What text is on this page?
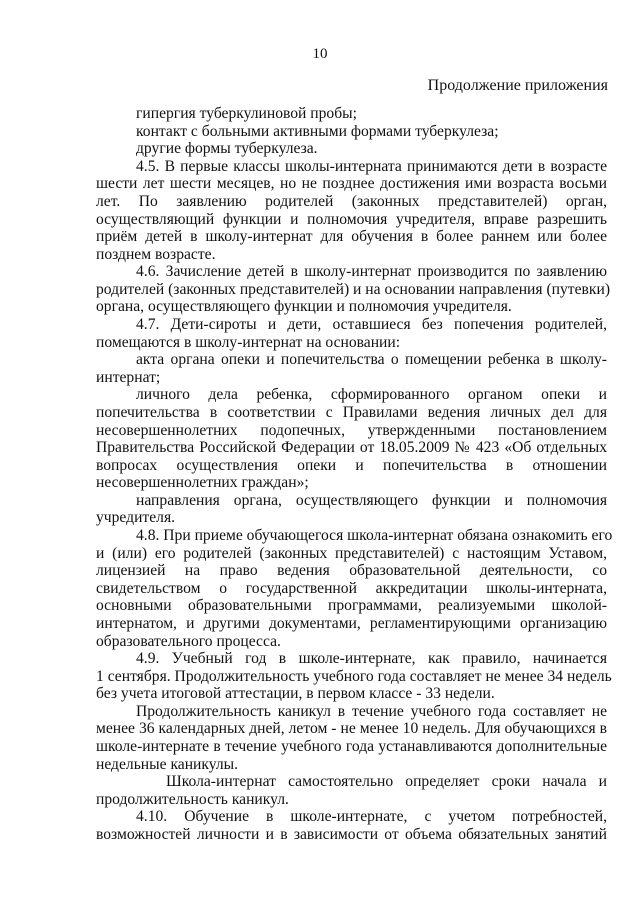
10
Продолжение приложения
гипергия туберкулиновой пробы;
контакт с больными активными формами туберкулеза;
другие формы туберкулеза.
4.5. В первые классы школы-интерната принимаются дети в возрасте
шести лет шести месяцев, но не позднее достижения ими возраста восьми
лет. По заявлению родителей (законных представителей) орган,
осуществляющий функции и полномочия учредителя, вправе разрешить
приём детей в школу-интернат для обучения в более раннем или более
позднем возрасте.
4.6. Зачисление детей в школу-интернат производится по заявлению
родителей (законных представителей) и на основании направления (путевки)
органа, осуществляющего функции и полномочия учредителя.
4.7. Дети-сироты и дети, оставшиеся без попечения родителей,
помещаются в школу-интернат на основании:
акта органа опеки и попечительства о помещении ребенка в школу-
интернат;
личного дела ребенка, сформированного органом опеки и
попечительства в соответствии с Правилами ведения личных дел для
несовершеннолетних подопечных, утвержденными постановлением
Правительства Российской Федерации от 18.05.2009 № 423 «Об отдельных
вопросах осуществления опеки и попечительства в отношении
несовершеннолетних граждан»;
направления органа, осуществляющего функции и полномочия
учредителя.
4.8. При приеме обучающегося школа-интернат обязана ознакомить его
и (или) его родителей (законных представителей) с настоящим Уставом,
лицензией на право ведения образовательной деятельности, со
свидетельством о государственной аккредитации школы-интерната,
основными образовательными программами, реализуемыми школой-
интернатом, и другими документами, регламентирующими организацию
образовательного процесса.
4.9. Учебный год в школе-интернате, как правило, начинается
1 сентября. Продолжительность учебного года составляет не менее 34 недель
без учета итоговой аттестации, в первом классе - 33 недели.
Продолжительность каникул в течение учебного года составляет не
менее 36 календарных дней, летом - не менее 10 недель. Для обучающихся в
школе-интернате в течение учебного года устанавливаются дополнительные
недельные каникулы.
Школа-интернат самостоятельно определяет сроки начала и
продолжительность каникул.
4.10. Обучение в школе-интернате, с учетом потребностей,
возможностей личности и в зависимости от объема обязательных занятий
